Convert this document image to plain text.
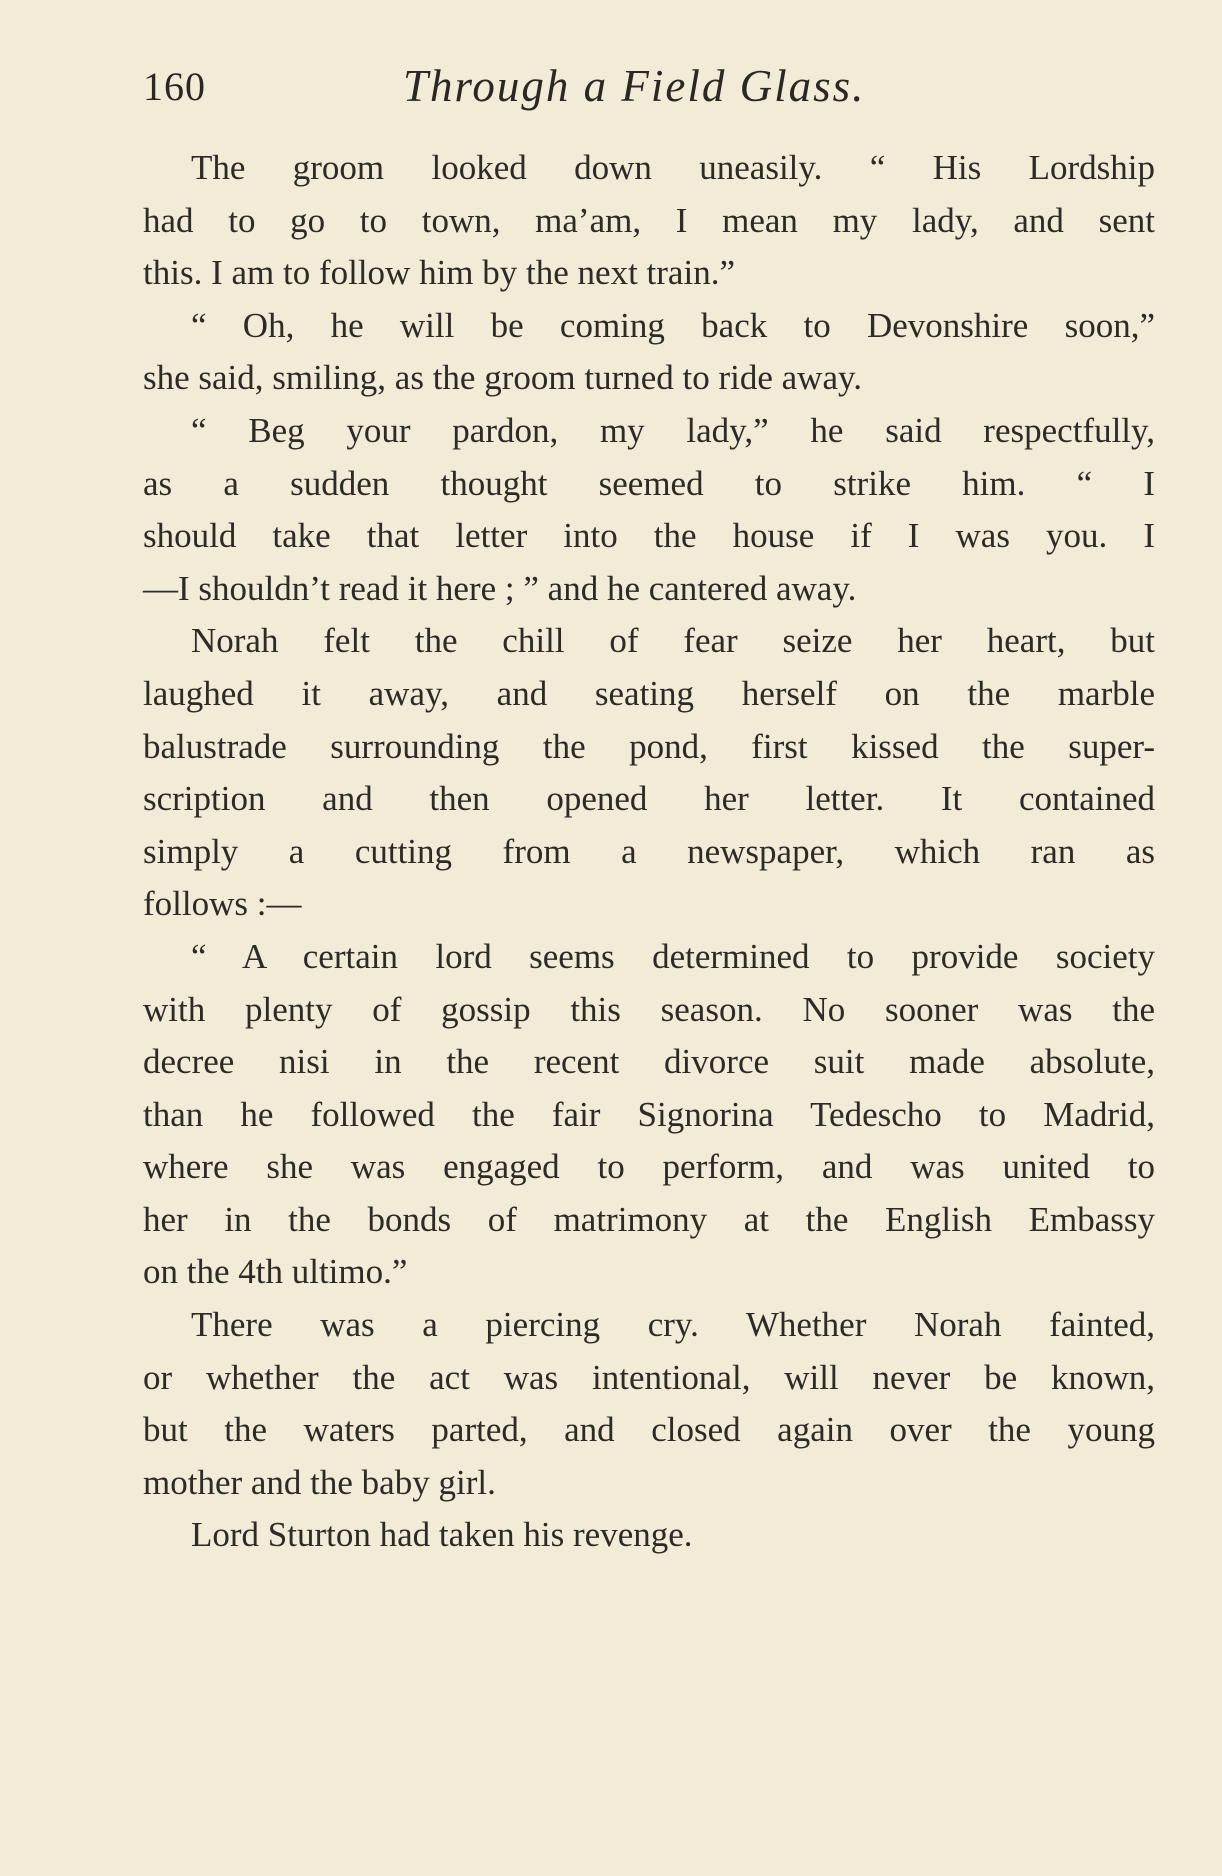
160	Through a Field Glass.

The groom looked down uneasily. “ His Lordship

had to go to town, ma’am, I mean my lady, and sent

this. I am to follow him by the next train.”

“ Oh, he will be coming back to Devonshire soon,”

she said, smiling, as the groom turned to ride away.

“ Beg your pardon, my lady,” he said respectfully,

as a sudden thought seemed to strike him. “ I

should take that letter into the house if I was you. I

—I shouldn’t read it here ; ” and he cantered away.

Norah felt the chill of fear seize her heart, but

laughed it away, and seating herself on the marble

balustrade surrounding the pond, first kissed the super-

scription and then opened her letter. It contained

simply a cutting from a newspaper, which ran as

follows :—

“ A certain lord seems determined to provide society

with plenty of gossip this season. No sooner was the

decree nisi in the recent divorce suit made absolute,

than he followed the fair Signorina Tedescho to Madrid,

where she was engaged to perform, and was united to

her in the bonds of matrimony at the English Embassy

on the 4th ultimo.”

There was a piercing cry. Whether Norah fainted,

or whether the act was intentional, will never be known,

but the waters parted, and closed again over the young

mother and the baby girl.

Lord Sturton had taken his revenge.
